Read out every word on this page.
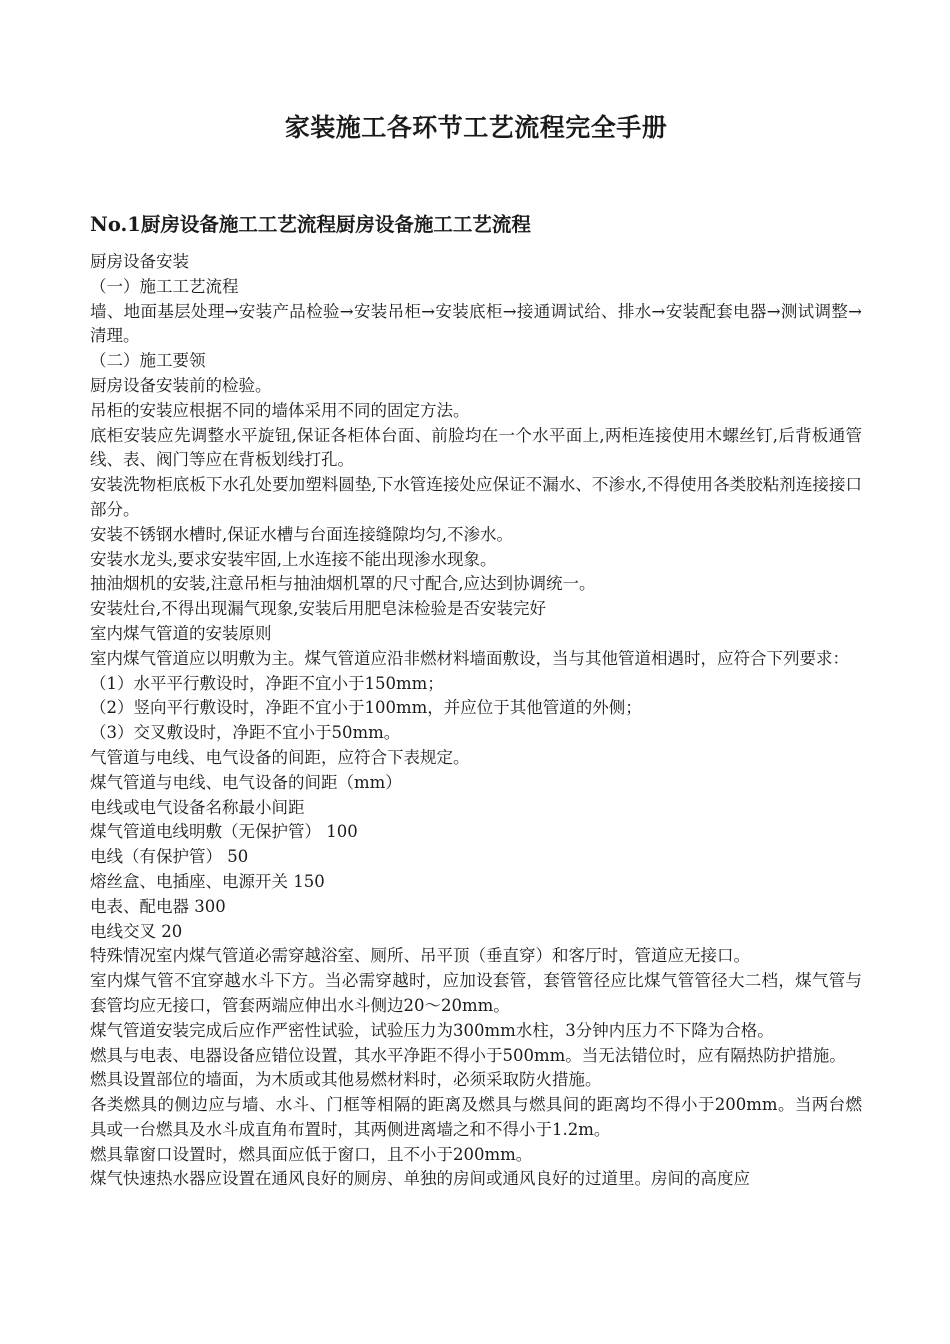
家装施工各环节工艺流程完全手册
No.1厨房设备施工工艺流程厨房设备施工工艺流程
厨房设备安装
（一）施工工艺流程
墙、地面基层处理→安装产品检验→安装吊柜→安装底柜→接通调试给、排水→安装配套电器→测试调整→清理。
（二）施工要领
厨房设备安装前的检验。
吊柜的安装应根据不同的墙体采用不同的固定方法。
底柜安装应先调整水平旋钮,保证各柜体台面、前脸均在一个水平面上,两柜连接使用木螺丝钉,后背板通管线、表、阀门等应在背板划线打孔。
安装洗物柜底板下水孔处要加塑料圆垫,下水管连接处应保证不漏水、不渗水,不得使用各类胶粘剂连接接口部分。
安装不锈钢水槽时,保证水槽与台面连接缝隙均匀,不渗水。
安装水龙头,要求安装牢固,上水连接不能出现渗水现象。
抽油烟机的安装,注意吊柜与抽油烟机罩的尺寸配合,应达到协调统一。
安装灶台,不得出现漏气现象,安装后用肥皂沫检验是否安装完好
室内煤气管道的安装原则
室内煤气管道应以明敷为主。煤气管道应沿非燃材料墙面敷设，当与其他管道相遇时，应符合下列要求：
（1）水平平行敷设时，净距不宜小于150mm；
（2）竖向平行敷设时，净距不宜小于100mm，并应位于其他管道的外侧；
（3）交叉敷设时，净距不宜小于50mm。
气管道与电线、电气设备的间距，应符合下表规定。
煤气管道与电线、电气设备的间距（mm）
电线或电气设备名称最小间距
煤气管道电线明敷（无保护管） 100
电线（有保护管） 50
熔丝盒、电插座、电源开关 150
电表、配电器 300
电线交叉 20
特殊情况室内煤气管道必需穿越浴室、厕所、吊平顶（垂直穿）和客厅时，管道应无接口。
室内煤气管不宜穿越水斗下方。当必需穿越时，应加设套管，套管管径应比煤气管管径大二档，煤气管与套管均应无接口，管套两端应伸出水斗侧边20～20mm。
煤气管道安装完成后应作严密性试验，试验压力为300mm水柱，3分钟内压力不下降为合格。
燃具与电表、电器设备应错位设置，其水平净距不得小于500mm。当无法错位时，应有隔热防护措施。
燃具设置部位的墙面，为木质或其他易燃材料时，必须采取防火措施。
各类燃具的侧边应与墙、水斗、门框等相隔的距离及燃具与燃具间的距离均不得小于200mm。当两台燃具或一台燃具及水斗成直角布置时，其两侧进离墙之和不得小于1.2m。
燃具靠窗口设置时，燃具面应低于窗口，且不小于200mm。
煤气快速热水器应设置在通风良好的厕房、单独的房间或通风良好的过道里。房间的高度应
